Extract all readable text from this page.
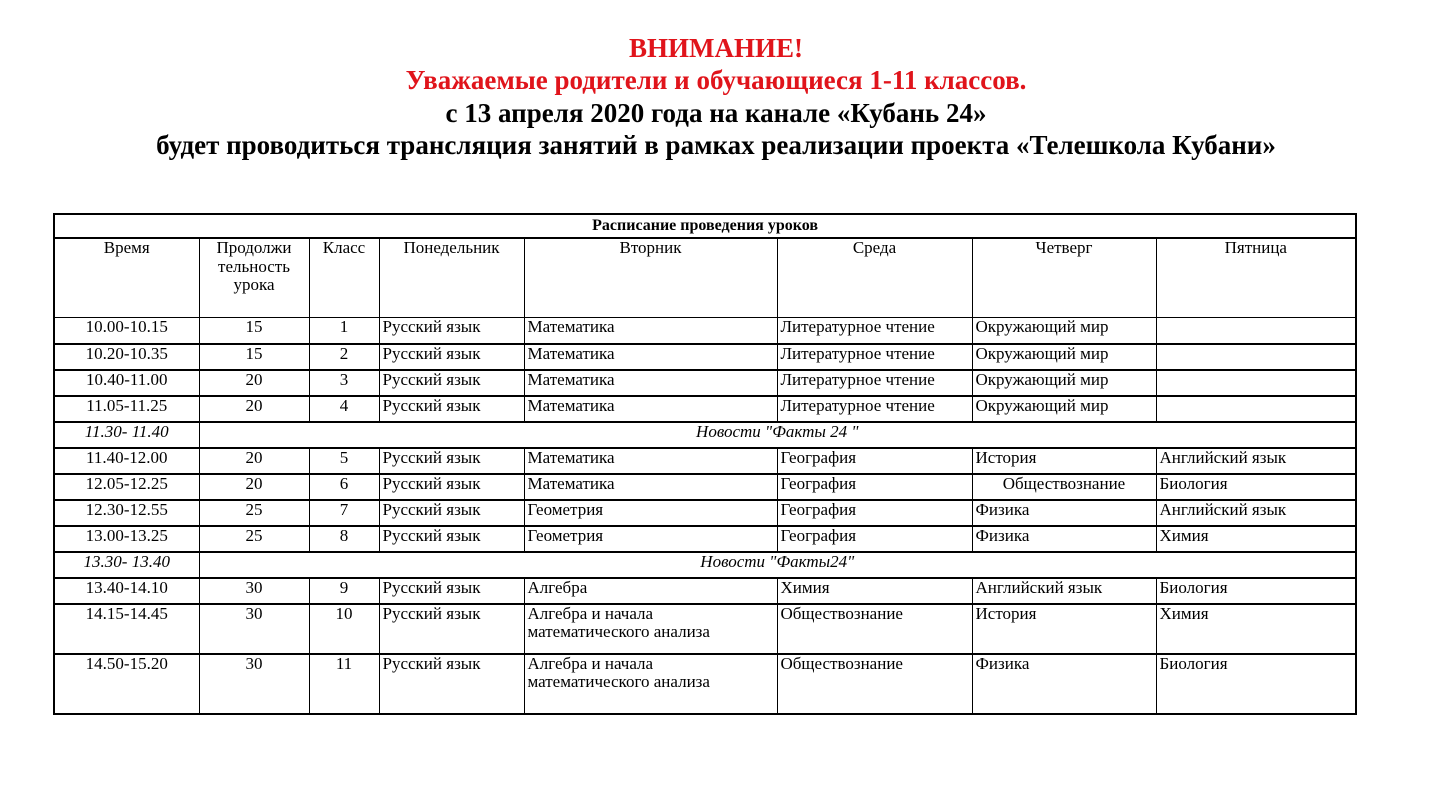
ВНИМАНИЕ!

Уважаемые родители и обучающиеся 1-11 классов.

с 13 апреля 2020 года на канале «Кубань 24»

будет проводиться трансляция занятий в рамках реализации проекта «Телешкола Кубани»

Расписание проведения уроков							
Время	Продолжи тельность урока	Класс	Понедельник	Вторник	Среда	Четверг	Пятница
10.00-10.15	15	1	Русский язык	Математика	Литературное чтение	Окружающий мир	
10.20-10.35	15	2	Русский язык	Математика	Литературное чтение	Окружающий мир	
10.40-11.00	20	3	Русский язык	Математика	Литературное чтение	Окружающий мир	
11.05-11.25	20	4	Русский язык	Математика	Литературное чтение	Окружающий мир	
11.30- 11.40	Новости "Факты 24 "						
11.40-12.00	20	5	Русский язык	Математика	География	История	Английский язык
12.05-12.25	20	6	Русский язык	Математика	География	Обществознание	Биология
12.30-12.55	25	7	Русский язык	Геометрия	География	Физика	Английский язык
13.00-13.25	25	8	Русский язык	Геометрия	География	Физика	Химия
13.30- 13.40	Новости "Факты24"						
13.40-14.10	30	9	Русский язык	Алгебра	Химия	Английский язык	Биология
14.15-14.45	30	10	Русский язык	Алгебра и начала математического анализа	Обществознание	История	Химия
14.50-15.20	30	11	Русский язык	Алгебра и начала математического анализа	Обществознание	Физика	Биология
